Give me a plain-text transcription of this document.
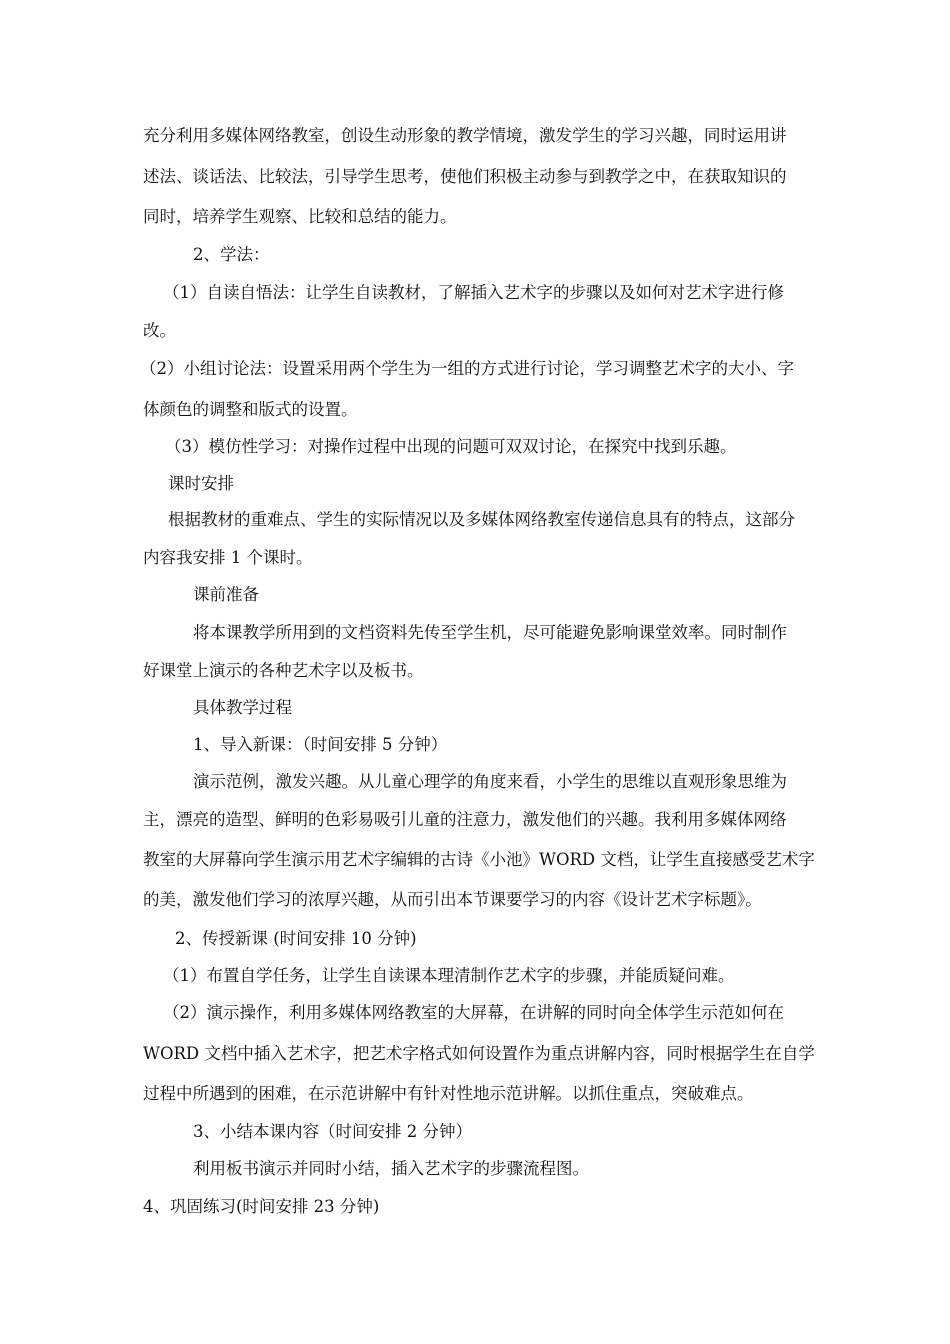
充分利用多媒体网络教室，创设生动形象的教学情境，激发学生的学习兴趣，同时运用讲
述法、谈话法、比较法，引导学生思考，使他们积极主动参与到教学之中，在获取知识的
同时，培养学生观察、比较和总结的能力。
2、学法：
（1）自读自悟法：让学生自读教材，了解插入艺术字的步骤以及如何对艺术字进行修
改。
（2）小组讨论法：设置采用两个学生为一组的方式进行讨论，学习调整艺术字的大小、字
体颜色的调整和版式的设置。
（3）模仿性学习：对操作过程中出现的问题可双双讨论，在探究中找到乐趣。
课时安排
根据教材的重难点、学生的实际情况以及多媒体网络教室传递信息具有的特点，这部分
内容我安排 1 个课时。
课前准备
将本课教学所用到的文档资料先传至学生机，尽可能避免影响课堂效率。同时制作
好课堂上演示的各种艺术字以及板书。
具体教学过程
1、导入新课：（时间安排 5 分钟）
演示范例，激发兴趣。从儿童心理学的角度来看，小学生的思维以直观形象思维为
主，漂亮的造型、鲜明的色彩易吸引儿童的注意力，激发他们的兴趣。我利用多媒体网络
教室的大屏幕向学生演示用艺术字编辑的古诗《小池》WORD 文档，让学生直接感受艺术字
的美，激发他们学习的浓厚兴趣，从而引出本节课要学习的内容《设计艺术字标题》。
2、传授新课 (时间安排 10 分钟)
（1）布置自学任务，让学生自读课本理清制作艺术字的步骤，并能质疑问难。
（2）演示操作，利用多媒体网络教室的大屏幕，在讲解的同时向全体学生示范如何在
WORD 文档中插入艺术字，把艺术字格式如何设置作为重点讲解内容，同时根据学生在自学
过程中所遇到的困难，在示范讲解中有针对性地示范讲解。以抓住重点，突破难点。
3、小结本课内容（时间安排 2 分钟）
利用板书演示并同时小结，插入艺术字的步骤流程图。
4、巩固练习(时间安排 23 分钟)
